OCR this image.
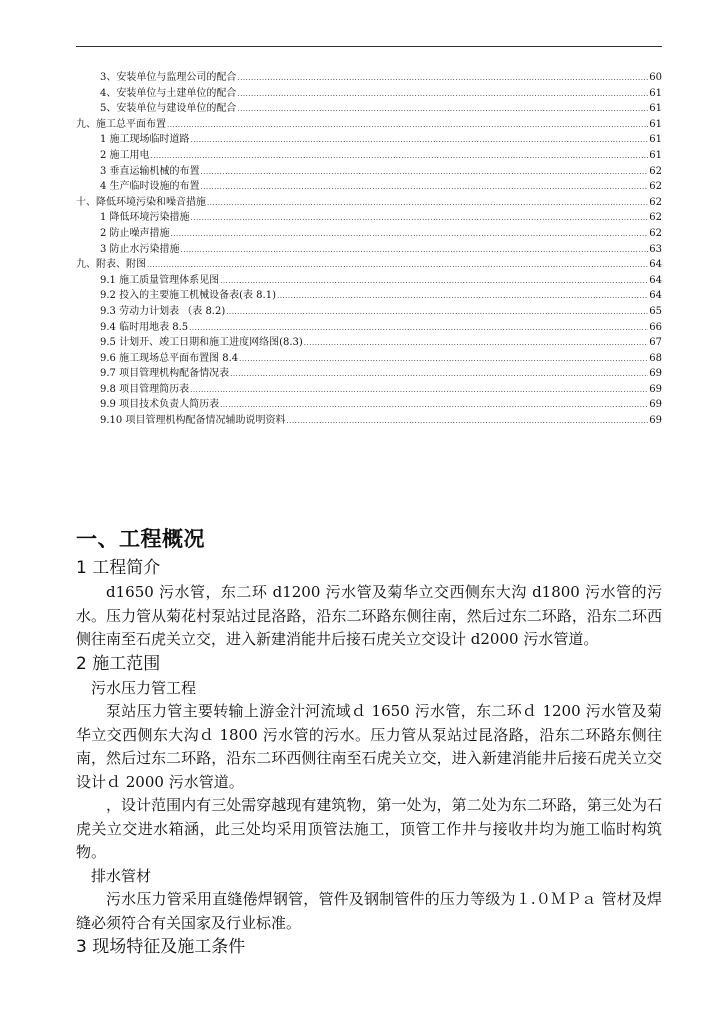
3、安装单位与监理公司的配合 .....	60
4、安装单位与土建单位的配合 .....	61
5、安装单位与建设单位的配合 .....	61
九、施工总平面布置 .....	61
1 施工现场临时道路 .....	61
2 施工用电 .....	61
3 垂直运输机械的布置 .....	62
4 生产临时设施的布置 .....	62
十、降低环境污染和噪音措施 .....	62
1 降低环境污染措施 .....	62
2 防止噪声措施 .....	62
3 防止水污染措施 .....	63
九、附表、附图 .....	64
9.1 施工质量管理体系见图 .....	64
9.2 投入的主要施工机械设备表(表 8.1) .....	64
9.3 劳动力计划表 （表 8.2) .....	65
9.4 临时用地表 8.5 .....	66
9.5 计划开、竣工日期和施工进度网络图(8.3) .....	67
9.6 施工现场总平面布置图 8.4 .....	68
9.7 项目管理机构配备情况表 .....	69
9.8 项目管理简历表 .....	69
9.9 项目技术负责人简历表 .....	69
9.10 项目管理机构配备情况辅助说明资料 .....	69
一、工程概况
1 工程简介

d1650 污水管，东二环 d1200 污水管及菊华立交西侧东大沟 d1800 污水管的污水。压力管从菊花村泵站过昆洛路，沿东二环路东侧往南，然后过东二环路，沿东二环西侧往南至石虎关立交，进入新建消能井后接石虎关立交设计 d2000 污水管道。

2 施工范围

污水压力管工程

泵站压力管主要转输上游金汁河流域ｄ 1650 污水管，东二环ｄ 1200 污水管及菊华立交西侧东大沟ｄ 1800 污水管的污水。压力管从泵站过昆洛路，沿东二环路东侧往南，然后过东二环路，沿东二环西侧往南至石虎关立交，进入新建消能井后接石虎关立交设计ｄ 2000 污水管道。

，设计范围内有三处需穿越现有建筑物，第一处为，第二处为东二环路，第三处为石虎关立交进水箱涵，此三处均采用顶管法施工，顶管工作井与接收井均为施工临时构筑物。

排水管材

污水压力管采用直缝倦焊钢管，管件及钢制管件的压力等级为１.０ＭＰａ 管材及焊缝必须符合有关国家及行业标准。

3 现场特征及施工条件
